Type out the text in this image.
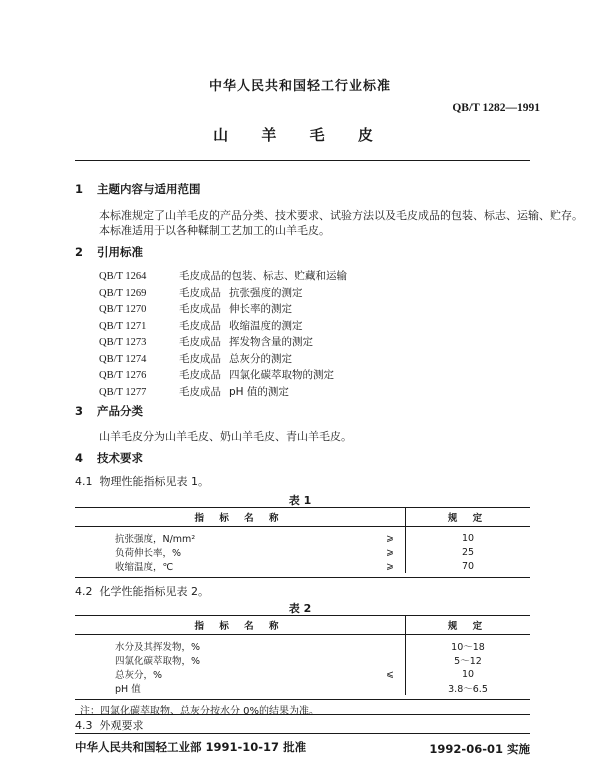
中华人民共和国轻工行业标准
QB/T 1282—1991
山 羊 毛 皮
1 主题内容与适用范围
本标准规定了山羊毛皮的产品分类、技术要求、试验方法以及毛皮成品的包装、标志、运输、贮存。
本标准适用于以各种鞣制工艺加工的山羊毛皮。
2 引用标准
QB/T 1264	毛皮成品的包装、标志、贮藏和运输
QB/T 1269	毛皮成品 抗张强度的测定
QB/T 1270	毛皮成品 伸长率的测定
QB/T 1271	毛皮成品 收缩温度的测定
QB/T 1273	毛皮成品 挥发物含量的测定
QB/T 1274	毛皮成品 总灰分的测定
QB/T 1276	毛皮成品 四氯化碳萃取物的测定
QB/T 1277	毛皮成品 pH 值的测定
3 产品分类
山羊毛皮分为山羊毛皮、奶山羊毛皮、青山羊毛皮。
4 技术要求
4.1 物理性能指标见表 1。
表 1
指 标 名 称		规 定
抗张强度，N/mm²	⩾	10
负荷伸长率，%	⩾	25
收缩温度，℃	⩾	70
4.2 化学性能指标见表 2。
表 2
指 标 名 称		规 定
水分及其挥发物，%		10～18
四氯化碳萃取物，%		5～12
总灰分，%	⩽	10
pH 值		3.8～6.5
注：四氯化碳萃取物、总灰分按水分 0%的结果为准。
4.3 外观要求
中华人民共和国轻工业部 1991-10-17 批准	1992-06-01 实施
